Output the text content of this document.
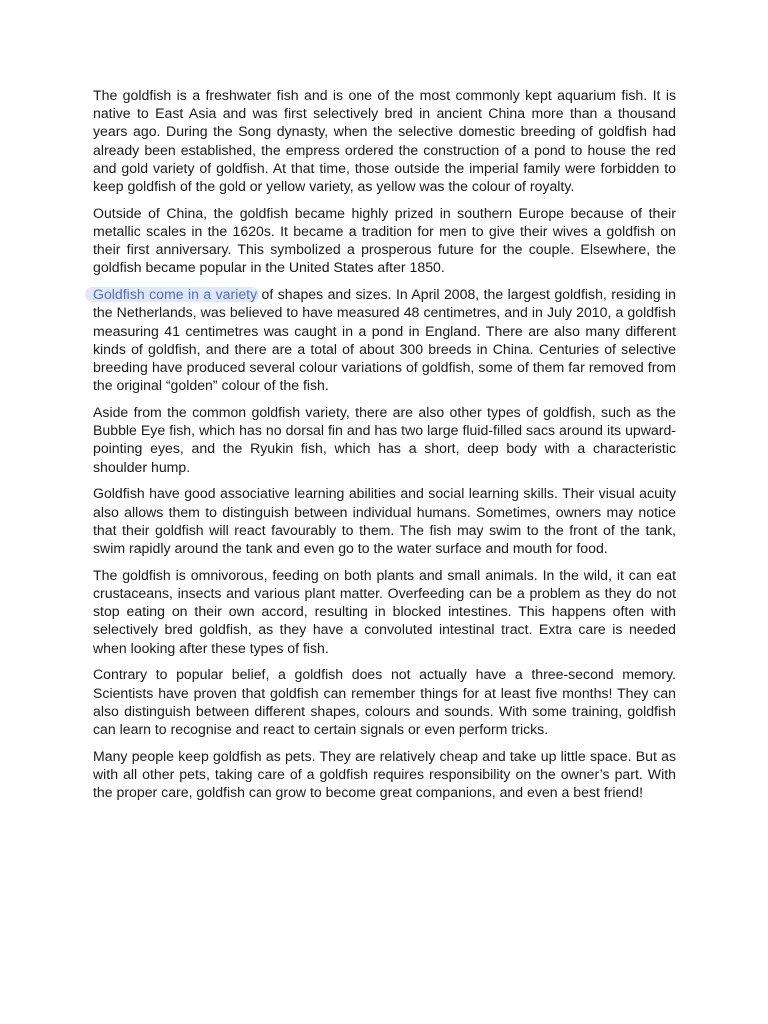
The goldfish is a freshwater fish and is one of the most commonly kept aquarium fish. It is native to East Asia and was first selectively bred in ancient China more than a thousand years ago. During the Song dynasty, when the selective domestic breeding of goldfish had already been established, the empress ordered the construction of a pond to house the red and gold variety of goldfish. At that time, those outside the imperial family were forbidden to keep goldfish of the gold or yellow variety, as yellow was the colour of royalty.

Outside of China, the goldfish became highly prized in southern Europe because of their metallic scales in the 1620s. It became a tradition for men to give their wives a goldfish on their first anniversary. This symbolized a prosperous future for the couple. Elsewhere, the goldfish became popular in the United States after 1850.

Goldfish come in a variety of shapes and sizes. In April 2008, the largest goldfish, residing in the Netherlands, was believed to have measured 48 centimetres, and in July 2010, a goldfish measuring 41 centimetres was caught in a pond in England. There are also many different kinds of goldfish, and there are a total of about 300 breeds in China. Centuries of selective breeding have produced several colour variations of goldfish, some of them far removed from the original “golden” colour of the fish.

Aside from the common goldfish variety, there are also other types of goldfish, such as the Bubble Eye fish, which has no dorsal fin and has two large fluid-filled sacs around its upward-pointing eyes, and the Ryukin fish, which has a short, deep body with a characteristic shoulder hump.

Goldfish have good associative learning abilities and social learning skills. Their visual acuity also allows them to distinguish between individual humans. Sometimes, owners may notice that their goldfish will react favourably to them. The fish may swim to the front of the tank, swim rapidly around the tank and even go to the water surface and mouth for food.

The goldfish is omnivorous, feeding on both plants and small animals. In the wild, it can eat crustaceans, insects and various plant matter. Overfeeding can be a problem as they do not stop eating on their own accord, resulting in blocked intestines. This happens often with selectively bred goldfish, as they have a convoluted intestinal tract. Extra care is needed when looking after these types of fish.

Contrary to popular belief, a goldfish does not actually have a three-second memory. Scientists have proven that goldfish can remember things for at least five months! They can also distinguish between different shapes, colours and sounds. With some training, goldfish can learn to recognise and react to certain signals or even perform tricks.

Many people keep goldfish as pets. They are relatively cheap and take up little space. But as with all other pets, taking care of a goldfish requires responsibility on the owner’s part. With the proper care, goldfish can grow to become great companions, and even a best friend!
